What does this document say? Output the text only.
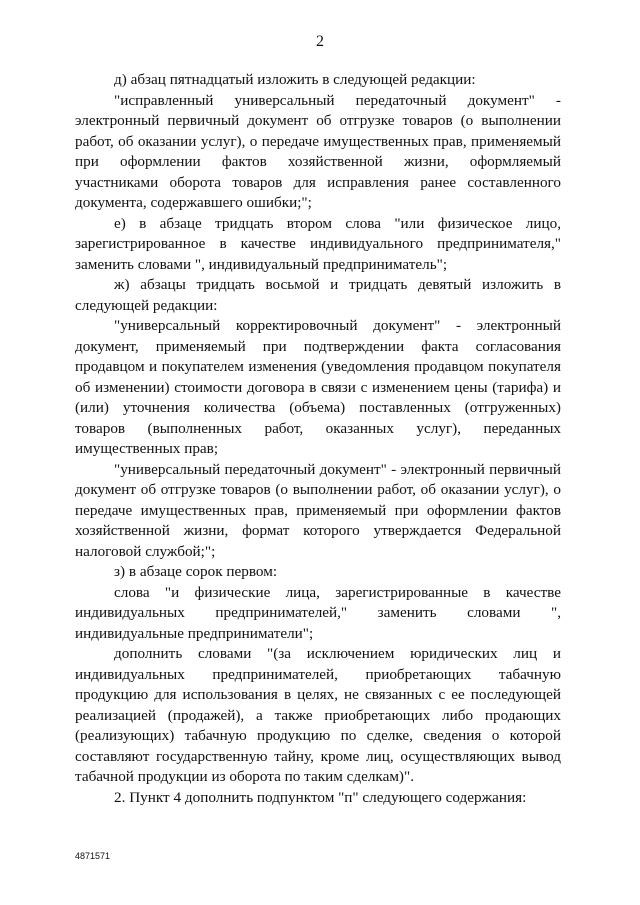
2

д) абзац пятнадцатый изложить в следующей редакции:

"исправленный универсальный передаточный документ" - электронный первичный документ об отгрузке товаров (о выполнении работ, об оказании услуг), о передаче имущественных прав, применяемый при оформлении фактов хозяйственной жизни, оформляемый участниками оборота товаров для исправления ранее составленного документа, содержавшего ошибки;";

е) в абзаце тридцать втором слова "или физическое лицо, зарегистрированное в качестве индивидуального предпринимателя," заменить словами ", индивидуальный предприниматель";

ж) абзацы тридцать восьмой и тридцать девятый изложить в следующей редакции:

"универсальный корректировочный документ" - электронный документ, применяемый при подтверждении факта согласования продавцом и покупателем изменения (уведомления продавцом покупателя об изменении) стоимости договора в связи с изменением цены (тарифа) и (или) уточнения количества (объема) поставленных (отгруженных) товаров (выполненных работ, оказанных услуг), переданных имущественных прав;

"универсальный передаточный документ" - электронный первичный документ об отгрузке товаров (о выполнении работ, об оказании услуг), о передаче имущественных прав, применяемый при оформлении фактов хозяйственной жизни, формат которого утверждается Федеральной налоговой службой;";

з) в абзаце сорок первом:

слова "и физические лица, зарегистрированные в качестве индивидуальных предпринимателей," заменить словами ", индивидуальные предприниматели";

дополнить словами "(за исключением юридических лиц и индивидуальных предпринимателей, приобретающих табачную продукцию для использования в целях, не связанных с ее последующей реализацией (продажей), а также приобретающих либо продающих (реализующих) табачную продукцию по сделке, сведения о которой составляют государственную тайну, кроме лиц, осуществляющих вывод табачной продукции из оборота по таким сделкам)".

2. Пункт 4 дополнить подпунктом "п" следующего содержания:

4871571
